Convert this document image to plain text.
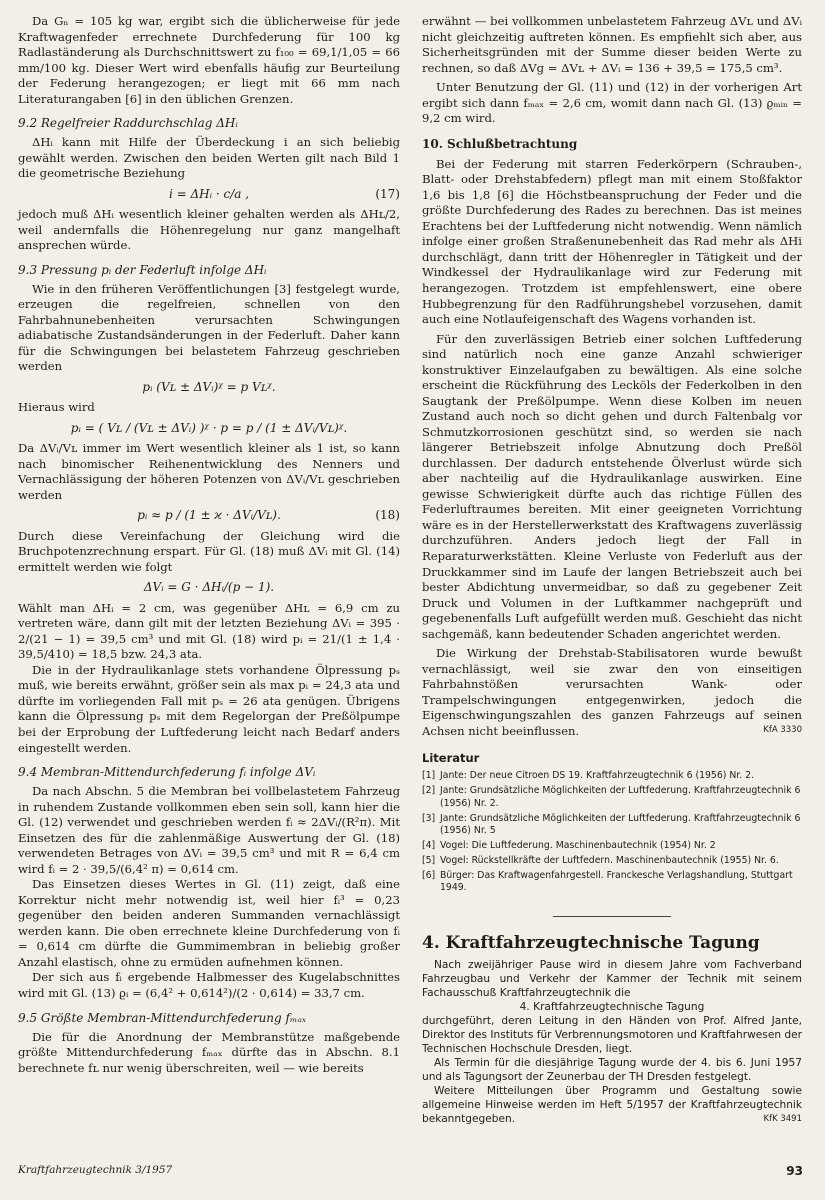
Da Gₙ = 105 kg war, ergibt sich die üblicherweise für jede Kraftwagenfeder errechnete Durchfederung für 100 kg Radlaständerung als Durchschnittswert zu f₁₀₀ = 69,1/1,05 = 66 mm/100 kg. Dieser Wert wird ebenfalls häufig zur Beurteilung der Federung herangezogen; er liegt mit 66 mm nach Literaturangaben [6] in den üblichen Grenzen.

9.2 Regelfreier Raddurchschlag ΔHᵢ

ΔHᵢ kann mit Hilfe der Überdeckung i an sich beliebig gewählt werden. Zwischen den beiden Werten gilt nach Bild 1 die geometrische Beziehung

i = ΔHᵢ · c/a ,	(17)

jedoch muß ΔHᵢ wesentlich kleiner gehalten werden als ΔHʟ/2, weil andernfalls die Höhenregelung nur ganz mangelhaft ansprechen würde.

9.3 Pressung pᵢ der Federluft infolge ΔHᵢ

Wie in den früheren Veröffentlichungen [3] festgelegt wurde, erzeugen die regelfreien, schnellen von den Fahrbahnunebenheiten verursachten Schwingungen adiabatische Zustandsänderungen in der Federluft. Daher kann für die Schwingungen bei belastetem Fahrzeug geschrieben werden

pᵢ (Vʟ ± ΔVᵢ)ᵡ = p Vʟᵡ.

Hieraus wird

pᵢ = ( Vʟ / (Vʟ ± ΔVᵢ) )ᵡ · p = p / (1 ± ΔVᵢ/Vʟ)ᵡ.

Da ΔVᵢ/Vʟ immer im Wert wesentlich kleiner als 1 ist, so kann nach binomischer Reihenentwicklung des Nenners und Vernachlässigung der höheren Potenzen von ΔVᵢ/Vʟ geschrieben werden

pᵢ ≈ p / (1 ± ϰ · ΔVᵢ/Vʟ).	(18)

Durch diese Vereinfachung der Gleichung wird die Bruchpotenzrechnung erspart. Für Gl. (18) muß ΔVᵢ mit Gl. (14) ermittelt werden wie folgt

ΔVᵢ = G · ΔHᵢ/(p − 1).

Wählt man ΔHᵢ = 2 cm, was gegenüber ΔHʟ = 6,9 cm zu vertreten wäre, dann gilt mit der letzten Beziehung ΔVᵢ = 395 · 2/(21 − 1) = 39,5 cm³ und mit Gl. (18) wird pᵢ = 21/(1 ± 1,4 · 39,5/410) = 18,5 bzw. 24,3 ata.

Die in der Hydraulikanlage stets vorhandene Ölpressung pₛ muß, wie bereits erwähnt, größer sein als max pᵢ = 24,3 ata und dürfte im vorliegenden Fall mit pₛ = 26 ata genügen. Übrigens kann die Ölpressung pₛ mit dem Regelorgan der Preßölpumpe bei der Erprobung der Luftfederung leicht nach Bedarf anders eingestellt werden.

9.4 Membran-Mittendurchfederung fᵢ infolge ΔVᵢ

Da nach Abschn. 5 die Membran bei vollbelastetem Fahrzeug in ruhendem Zustande vollkommen eben sein soll, kann hier die Gl. (12) verwendet und geschrieben werden fᵢ ≈ 2ΔVᵢ/(R²π). Mit Einsetzen des für die zahlenmäßige Auswertung der Gl. (18) verwendeten Betrages von ΔVᵢ = 39,5 cm³ und mit R = 6,4 cm wird fᵢ = 2 · 39,5/(6,4² π) = 0,614 cm.

Das Einsetzen dieses Wertes in Gl. (11) zeigt, daß eine Korrektur nicht mehr notwendig ist, weil hier fᵢ³ = 0,23 gegenüber den beiden anderen Summanden vernachlässigt werden kann. Die oben errechnete kleine Durchfederung von fᵢ = 0,614 cm dürfte die Gummimembran in beliebig großer Anzahl elastisch, ohne zu ermüden aufnehmen können.

Der sich aus fᵢ ergebende Halbmesser des Kugelabschnittes wird mit Gl. (13) ϱᵢ = (6,4² + 0,614²)/(2 · 0,614) = 33,7 cm.

9.5 Größte Membran-Mittendurchfederung fₘₐₓ

Die für die Anordnung der Membranstütze maßgebende größte Mittendurchfederung fₘₐₓ dürfte das in Abschn. 8.1 berechnete fʟ nur wenig überschreiten, weil — wie bereits

erwähnt — bei vollkommen unbelastetem Fahrzeug ΔVʟ und ΔVᵢ nicht gleichzeitig auftreten können. Es empfiehlt sich aber, aus Sicherheitsgründen mit der Summe dieser beiden Werte zu rechnen, so daß ΔVɡ = ΔVʟ + ΔVᵢ = 136 + 39,5 = 175,5 cm³.

Unter Benutzung der Gl. (11) und (12) in der vorherigen Art ergibt sich dann fₘₐₓ = 2,6 cm, womit dann nach Gl. (13) ϱₘᵢₙ = 9,2 cm wird.

10. Schlußbetrachtung

Bei der Federung mit starren Federkörpern (Schrauben-, Blatt- oder Drehstabfedern) pflegt man mit einem Stoßfaktor 1,6 bis 1,8 [6] die Höchstbeanspruchung der Feder und die größte Durchfederung des Rades zu berechnen. Das ist meines Erachtens bei der Luftfederung nicht notwendig. Wenn nämlich infolge einer großen Straßenunebenheit das Rad mehr als ΔHi durchschlägt, dann tritt der Höhenregler in Tätigkeit und der Windkessel der Hydraulikanlage wird zur Federung mit herangezogen. Trotzdem ist empfehlenswert, eine obere Hubbegrenzung für den Radführungshebel vorzusehen, damit auch eine Notlaufeigenschaft des Wagens vorhanden ist.

Für den zuverlässigen Betrieb einer solchen Luftfederung sind natürlich noch eine ganze Anzahl schwieriger konstruktiver Einzelaufgaben zu bewältigen. Als eine solche erscheint die Rückführung des Lecköls der Federkolben in den Saugtank der Preßölpumpe. Wenn diese Kolben im neuen Zustand auch noch so dicht gehen und durch Faltenbalg vor Schmutzkorrosionen geschützt sind, so werden sie nach längerer Betriebszeit infolge Abnutzung doch Preßöl durchlassen. Der dadurch entstehende Ölverlust würde sich aber nachteilig auf die Hydraulikanlage auswirken. Eine gewisse Schwierigkeit dürfte auch das richtige Füllen des Federluftraumes bereiten. Mit einer geeigneten Vorrichtung wäre es in der Herstellerwerkstatt des Kraftwagens zuverlässig durchzuführen. Anders jedoch liegt der Fall in Reparaturwerkstätten. Kleine Verluste von Federluft aus der Druckkammer sind im Laufe der langen Betriebszeit auch bei bester Abdichtung unvermeidbar, so daß zu gegebener Zeit Druck und Volumen in der Luftkammer nachgeprüft und gegebenenfalls Luft aufgefüllt werden muß. Geschieht das nicht sachgemäß, kann bedeutender Schaden angerichtet werden.

Die Wirkung der Drehstab-Stabilisatoren wurde bewußt vernachlässigt, weil sie zwar den von einseitigen Fahrbahnstößen verursachten Wank- oder Trampelschwingungen entgegenwirken, jedoch die Eigenschwingungszahlen des ganzen Fahrzeugs auf seinen Achsen nicht beeinflussen.	KfA 3330

Literatur
[1] Jante: Der neue Citroen DS 19. Kraftfahrzeugtechnik 6 (1956) Nr. 2.
[2] Jante: Grundsätzliche Möglichkeiten der Luftfederung. Kraftfahrzeugtechnik 6 (1956) Nr. 2.
[3] Jante: Grundsätzliche Möglichkeiten der Luftfederung. Kraftfahrzeugtechnik 6 (1956) Nr. 5
[4] Vogel: Die Luftfederung. Maschinenbautechnik (1954) Nr. 2
[5] Vogel: Rückstellkräfte der Luftfedern. Maschinenbautechnik (1955) Nr. 6.
[6] Bürger: Das Kraftwagenfahrgestell. Franckesche Verlagshandlung, Stuttgart 1949.
4. Kraftfahrzeugtechnische Tagung

Nach zweijähriger Pause wird in diesem Jahre vom Fachverband Fahrzeugbau und Verkehr der Kammer der Technik mit seinem Fachausschuß Kraftfahrzeugtechnik die

4. Kraftfahrzeugtechnische Tagung

durchgeführt, deren Leitung in den Händen von Prof. Alfred Jante, Direktor des Instituts für Verbrennungsmotoren und Kraftfahrwesen der Technischen Hochschule Dresden, liegt.

Als Termin für die diesjährige Tagung wurde der 4. bis 6. Juni 1957 und als Tagungsort der Zeunerbau der TH Dresden festgelegt.

Weitere Mitteilungen über Programm und Gestaltung sowie allgemeine Hinweise werden im Heft 5/1957 der Kraftfahrzeugtechnik bekanntgegeben.	KfK 3491

Kraftfahrzeugtechnik 3/1957	93
